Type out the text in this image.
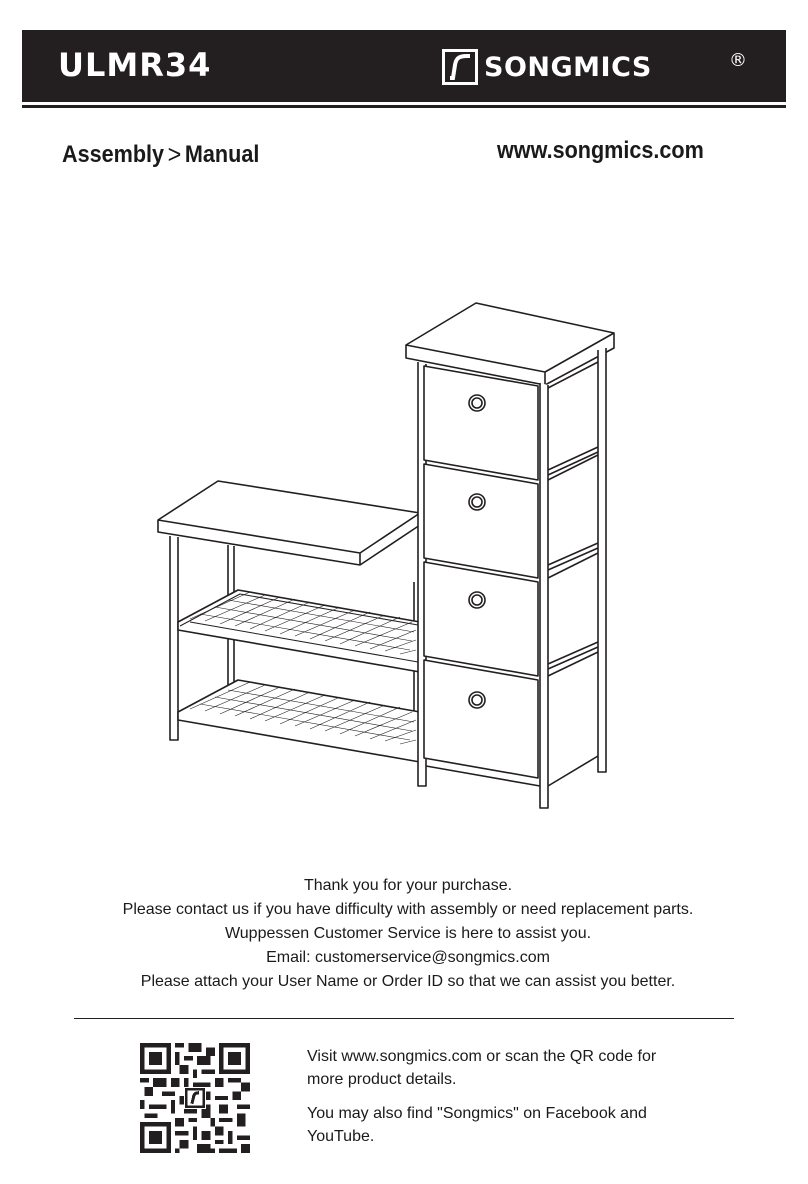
ULMR34	SONGMICS	®
Assembly > Manual	www.songmics.com
Thank you for your purchase.
Please contact us if you have difficulty with assembly or need replacement parts.
Wuppessen Customer Service is here to assist you.
Email: customerservice@songmics.com
Please attach your User Name or Order ID so that we can assist you better.

Visit www.songmics.com or scan the QR code for more product details.

You may also find "Songmics" on Facebook and YouTube.
